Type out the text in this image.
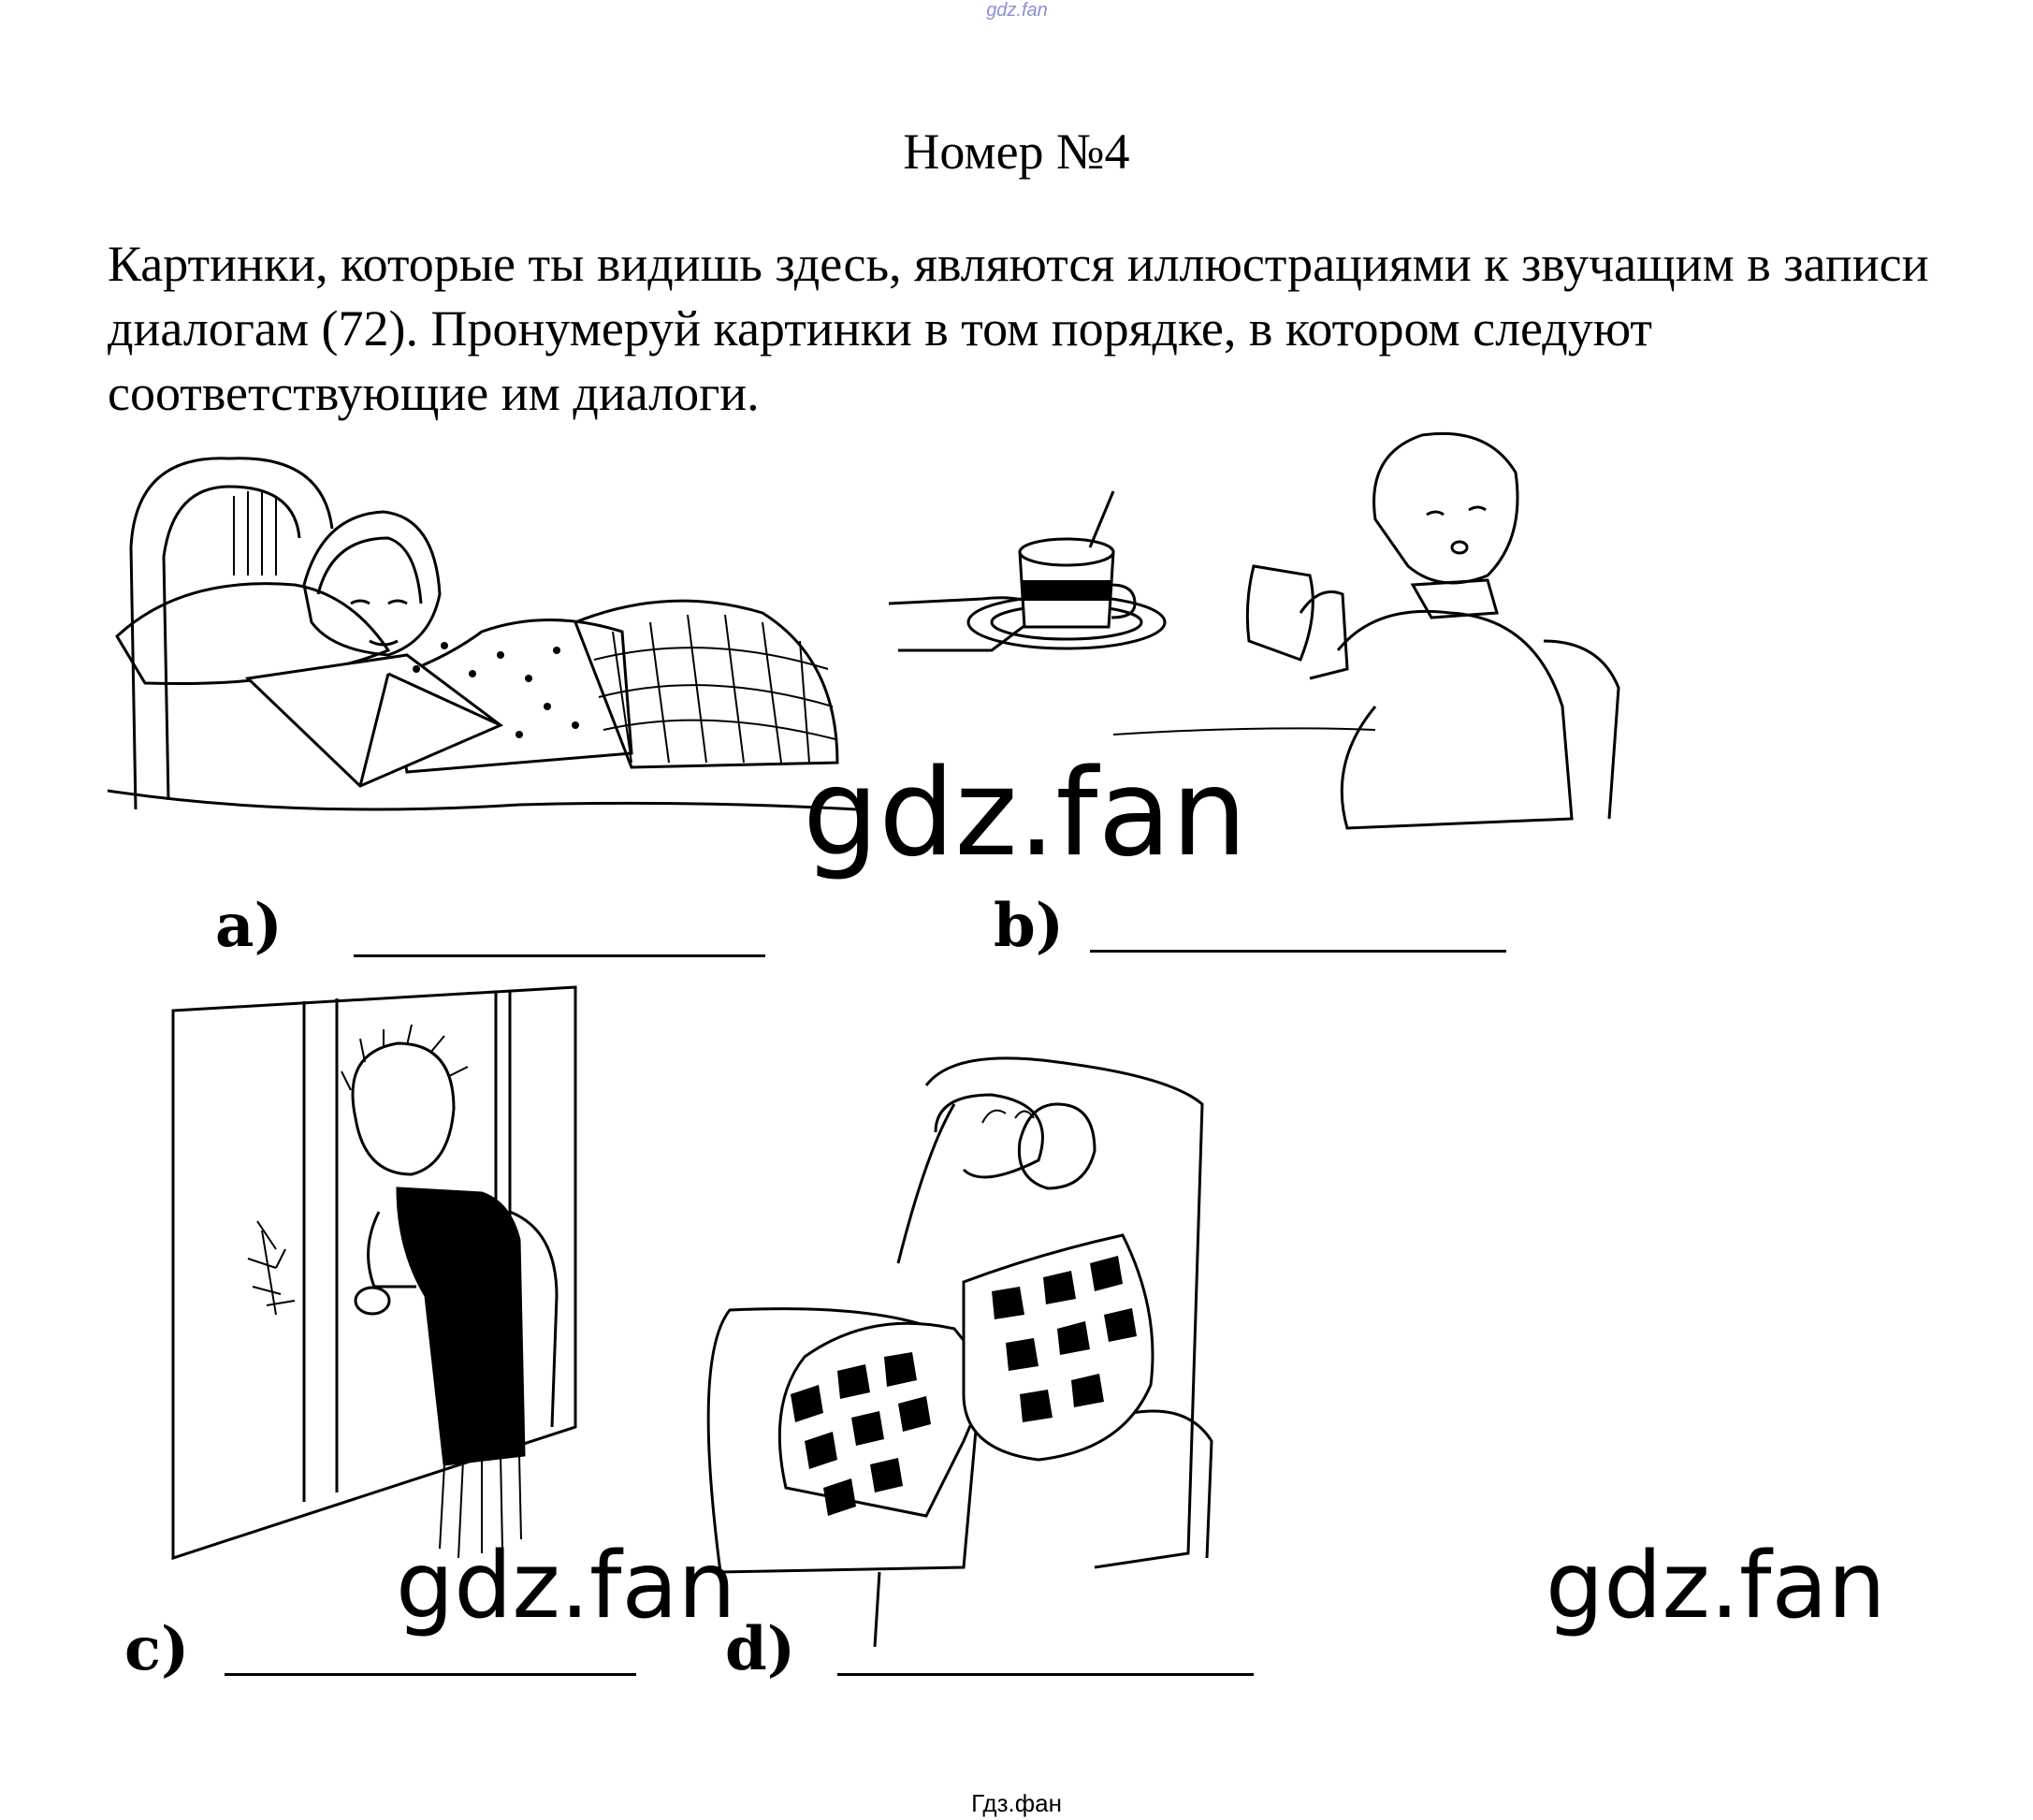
gdz.fan
Номер №4

Картинки, которые ты видишь здесь, являются иллюстрациями к звучащим в записи диалогам (72). Пронумеруй картинки в том порядке, в котором следуют соответствующие им диалоги.

gdz.fan
a)	b)
gdz.fan	gdz.fan
c)	d)
Гдз.фан
